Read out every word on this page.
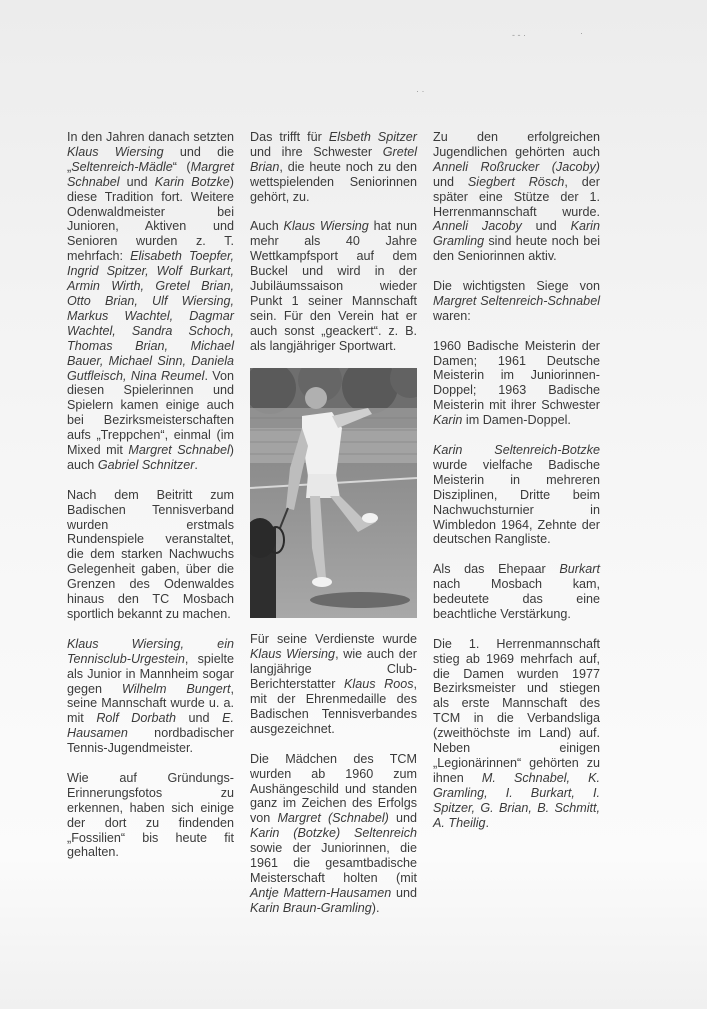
‐ ‐ ·	·
· ·

In den Jahren danach setzten Klaus Wiersing und die „Seltenreich-Mädle“ (Margret Schnabel und Karin Botzke) diese Tradition fort. Weitere Odenwaldmeister bei Junioren, Aktiven und Senioren wurden z. T. mehrfach: Elisabeth Toepfer, Ingrid Spitzer, Wolf Burkart, Armin Wirth, Gretel Brian, Otto Brian, Ulf Wiersing, Markus Wachtel, Dagmar Wachtel, Sandra Schoch, Thomas Brian, Michael Bauer, Michael Sinn, Daniela Gutfleisch, Nina Reumel. Von diesen Spielerinnen und Spielern kamen einige auch bei Bezirksmeisterschaften aufs „Treppchen“, einmal (im Mixed mit Margret Schnabel) auch Gabriel Schnitzer.

Nach dem Beitritt zum Badischen Tennisverband wurden erstmals Rundenspiele veranstaltet, die dem starken Nachwuchs Gelegenheit gaben, über die Grenzen des Odenwaldes hinaus den TC Mosbach sportlich bekannt zu machen.

Klaus Wiersing, ein Tennisclub-Urgestein, spielte als Junior in Mannheim sogar gegen Wilhelm Bungert, seine Mannschaft wurde u. a. mit Rolf Dorbath und E. Hausamen nordbadischer Tennis-Jugendmeister.

Wie auf Gründungs-Erinnerungsfotos zu erkennen, haben sich einige der dort zu findenden „Fossilien“ bis heute fit gehalten.

Das trifft für Elsbeth Spitzer und ihre Schwester Gretel Brian, die heute noch zu den wettspielenden Seniorinnen gehört, zu.

Auch Klaus Wiersing hat nun mehr als 40 Jahre Wettkampfsport auf dem Buckel und wird in der Jubiläumssaison wieder Punkt 1 seiner Mannschaft sein. Für den Verein hat er auch sonst „geackert“. z. B. als langjähriger Sportwart.

Für seine Verdienste wurde Klaus Wiersing, wie auch der langjährige Club-Berichterstatter Klaus Roos, mit der Ehrenmedaille des Badischen Tennisverbandes ausgezeichnet.

Die Mädchen des TCM wurden ab 1960 zum Aushängeschild und standen ganz im Zeichen des Erfolgs von Margret (Schnabel) und Karin (Botzke) Seltenreich sowie der Juniorinnen, die 1961 die gesamtbadische Meisterschaft holten (mit Antje Mattern-Hausamen und Karin Braun-Gramling).

Zu den erfolgreichen Jugendlichen gehörten auch Anneli Roßrucker (Jacoby) und Siegbert Rösch, der später eine Stütze der 1. Herrenmannschaft wurde. Anneli Jacoby und Karin Gramling sind heute noch bei den Seniorinnen aktiv.

Die wichtigsten Siege von Margret Seltenreich-Schnabel waren:

1960 Badische Meisterin der Damen; 1961 Deutsche Meisterin im Juniorinnen-Doppel; 1963 Badische Meisterin mit ihrer Schwester Karin im Damen-Doppel.

Karin Seltenreich-Botzke wurde vielfache Badische Meisterin in mehreren Disziplinen, Dritte beim Nachwuchsturnier in Wimbledon 1964, Zehnte der deutschen Rangliste.

Als das Ehepaar Burkart nach Mosbach kam, bedeutete das eine beachtliche Verstärkung.

Die 1. Herrenmannschaft stieg ab 1969 mehrfach auf, die Damen wurden 1977 Bezirksmeister und stiegen als erste Mannschaft des TCM in die Verbandsliga (zweithöchste im Land) auf. Neben einigen „Legionärinnen“ gehörten zu ihnen M. Schnabel, K. Gramling, I. Burkart, I. Spitzer, G. Brian, B. Schmitt, A. Theilig.
